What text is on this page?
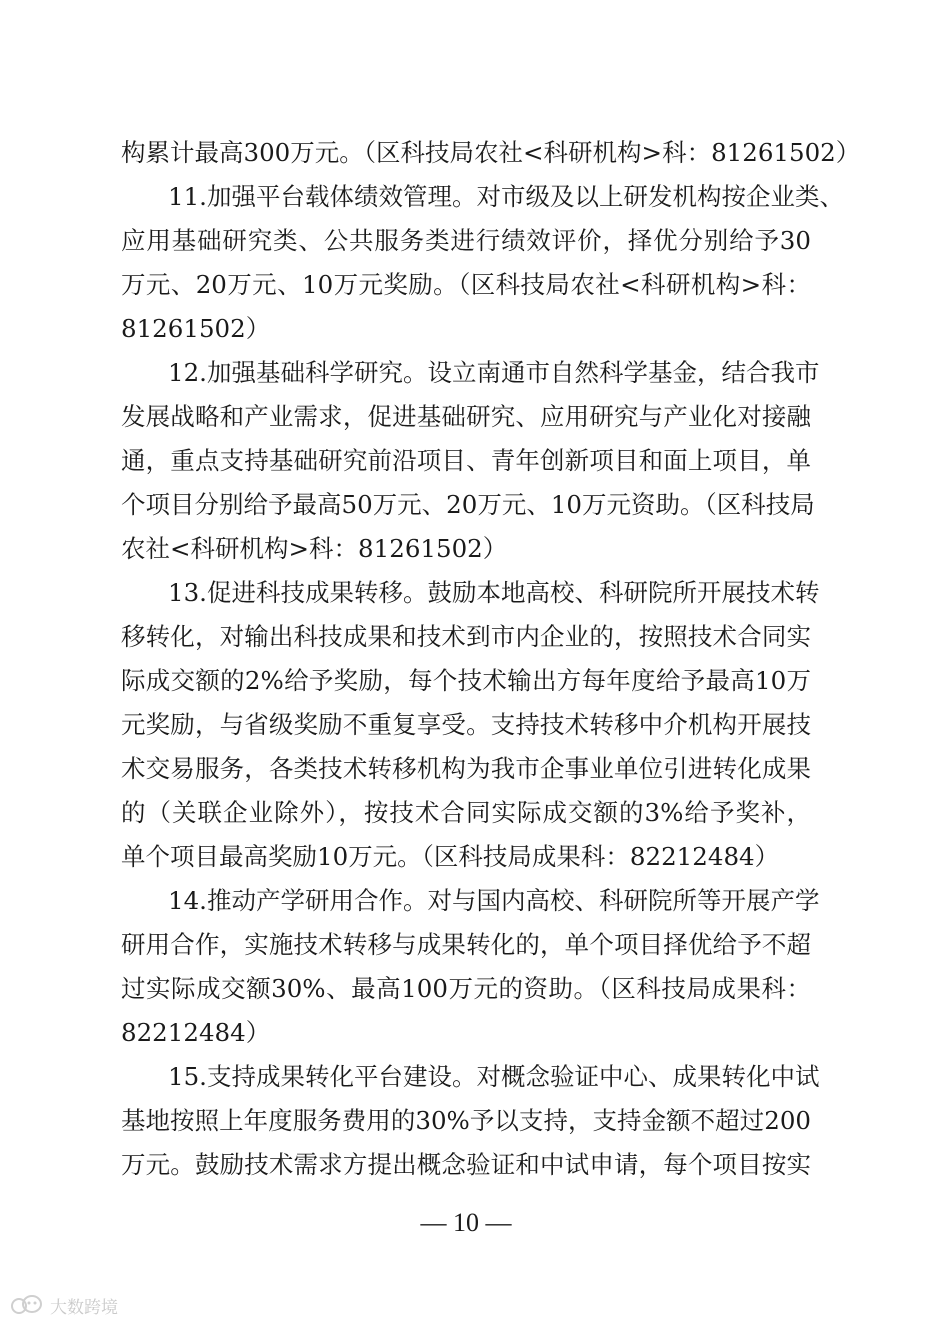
构累计最高300万元。（区科技局农社<科研机构>科：81261502）
11.加强平台载体绩效管理。对市级及以上研发机构按企业类、
应用基础研究类、公共服务类进行绩效评价，择优分别给予30
万元、20万元、10万元奖励。（区科技局农社<科研机构>科：
81261502）
12.加强基础科学研究。设立南通市自然科学基金，结合我市
发展战略和产业需求，促进基础研究、应用研究与产业化对接融
通，重点支持基础研究前沿项目、青年创新项目和面上项目，单
个项目分别给予最高50万元、20万元、10万元资助。（区科技局
农社<科研机构>科：81261502）
13.促进科技成果转移。鼓励本地高校、科研院所开展技术转
移转化，对输出科技成果和技术到市内企业的，按照技术合同实
际成交额的2%给予奖励，每个技术输出方每年度给予最高10万
元奖励，与省级奖励不重复享受。支持技术转移中介机构开展技
术交易服务，各类技术转移机构为我市企事业单位引进转化成果
的（关联企业除外），按技术合同实际成交额的3%给予奖补，
单个项目最高奖励10万元。（区科技局成果科：82212484）
14.推动产学研用合作。对与国内高校、科研院所等开展产学
研用合作，实施技术转移与成果转化的，单个项目择优给予不超
过实际成交额30%、最高100万元的资助。（区科技局成果科：
82212484）
15.支持成果转化平台建设。对概念验证中心、成果转化中试
基地按照上年度服务费用的30%予以支持，支持金额不超过200
万元。鼓励技术需求方提出概念验证和中试申请，每个项目按实
— 10 —
大数跨境
